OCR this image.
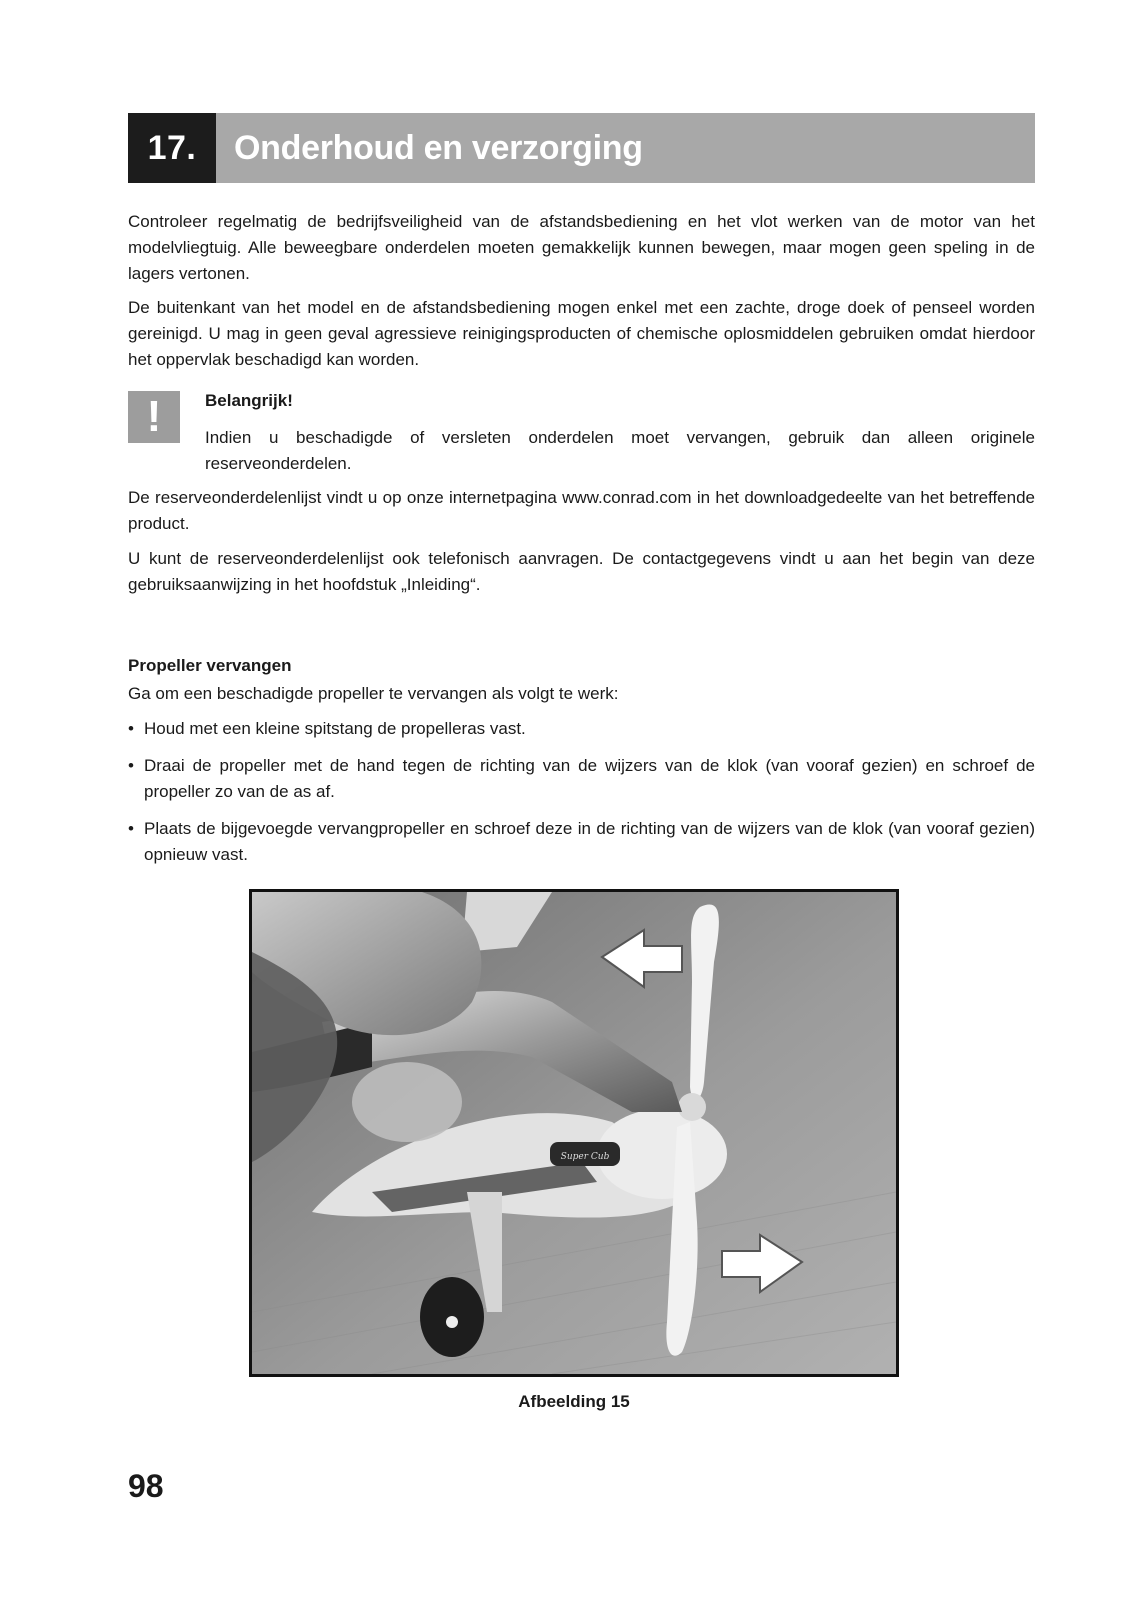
17.	Onderhoud en verzorging

Controleer regelmatig de bedrijfsveiligheid van de afstandsbediening en het vlot werken van de motor van het modelvliegtuig. Alle beweegbare onderdelen moeten gemakkelijk kunnen bewegen, maar mogen geen speling in de lagers vertonen.

De buitenkant van het model en de afstandsbediening mogen enkel met een zachte, droge doek of penseel worden gereinigd. U mag in geen geval agressieve reinigingsproducten of chemische oplosmiddelen gebruiken omdat hierdoor het oppervlak beschadigd kan worden.

!	Belangrijk!

Indien u beschadigde of versleten onderdelen moet vervangen, gebruik dan alleen originele reserveonderdelen.

De reserveonderdelenlijst vindt u op onze internetpagina www.conrad.com in het downloadgedeelte van het betreffende product.

U kunt de reserveonderdelenlijst ook telefonisch aanvragen. De contactgegevens vindt u aan het begin van deze gebruiksaanwijzing in het hoofdstuk „Inleiding“.

Propeller vervangen

Ga om een beschadigde propeller te vervangen als volgt te werk:

• Houd met een kleine spitstang de propelleras vast.
• Draai de propeller met de hand tegen de richting van de wijzers van de klok (van vooraf gezien) en schroef de propeller zo van de as af.
• Plaats de bijgevoegde vervangpropeller en schroef deze in de richting van de wijzers van de klok (van vooraf gezien) opnieuw vast.
Super Cub

Afbeelding 15

98
